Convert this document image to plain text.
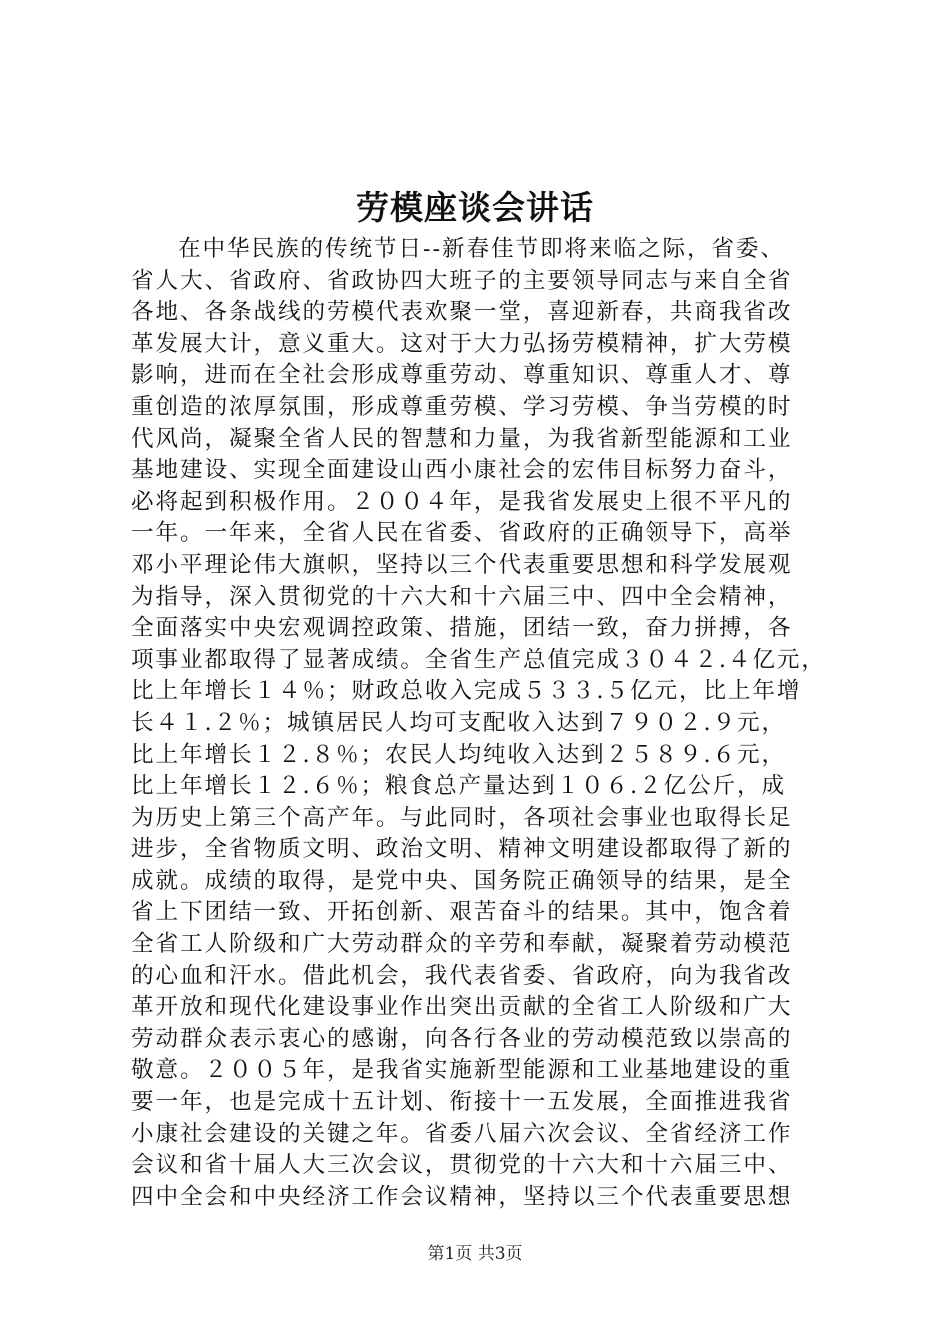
劳模座谈会讲话
在中华民族的传统节日--新春佳节即将来临之际，省委、
省人大、省政府、省政协四大班子的主要领导同志与来自全省
各地、各条战线的劳模代表欢聚一堂，喜迎新春，共商我省改
革发展大计，意义重大。这对于大力弘扬劳模精神，扩大劳模
影响，进而在全社会形成尊重劳动、尊重知识、尊重人才、尊
重创造的浓厚氛围，形成尊重劳模、学习劳模、争当劳模的时
代风尚，凝聚全省人民的智慧和力量，为我省新型能源和工业
基地建设、实现全面建设山西小康社会的宏伟目标努力奋斗，
必将起到积极作用。２００４年，是我省发展史上很不平凡的
一年。一年来，全省人民在省委、省政府的正确领导下，高举
邓小平理论伟大旗帜，坚持以三个代表重要思想和科学发展观
为指导，深入贯彻党的十六大和十六届三中、四中全会精神，
全面落实中央宏观调控政策、措施，团结一致，奋力拼搏，各
项事业都取得了显著成绩。全省生产总值完成３０４２.４亿元，
比上年增长１４％；财政总收入完成５３３.５亿元，比上年增
长４１.２％；城镇居民人均可支配收入达到７９０２.９元，
比上年增长１２.８％；农民人均纯收入达到２５８９.６元，
比上年增长１２.６％；粮食总产量达到１０６.２亿公斤，成
为历史上第三个高产年。与此同时，各项社会事业也取得长足
进步，全省物质文明、政治文明、精神文明建设都取得了新的
成就。成绩的取得，是党中央、国务院正确领导的结果，是全
省上下团结一致、开拓创新、艰苦奋斗的结果。其中，饱含着
全省工人阶级和广大劳动群众的辛劳和奉献，凝聚着劳动模范
的心血和汗水。借此机会，我代表省委、省政府，向为我省改
革开放和现代化建设事业作出突出贡献的全省工人阶级和广大
劳动群众表示衷心的感谢，向各行各业的劳动模范致以崇高的
敬意。２００５年，是我省实施新型能源和工业基地建设的重
要一年，也是完成十五计划、衔接十一五发展，全面推进我省
小康社会建设的关键之年。省委八届六次会议、全省经济工作
会议和省十届人大三次会议，贯彻党的十六大和十六届三中、
四中全会和中央经济工作会议精神，坚持以三个代表重要思想
第1页 共3页
